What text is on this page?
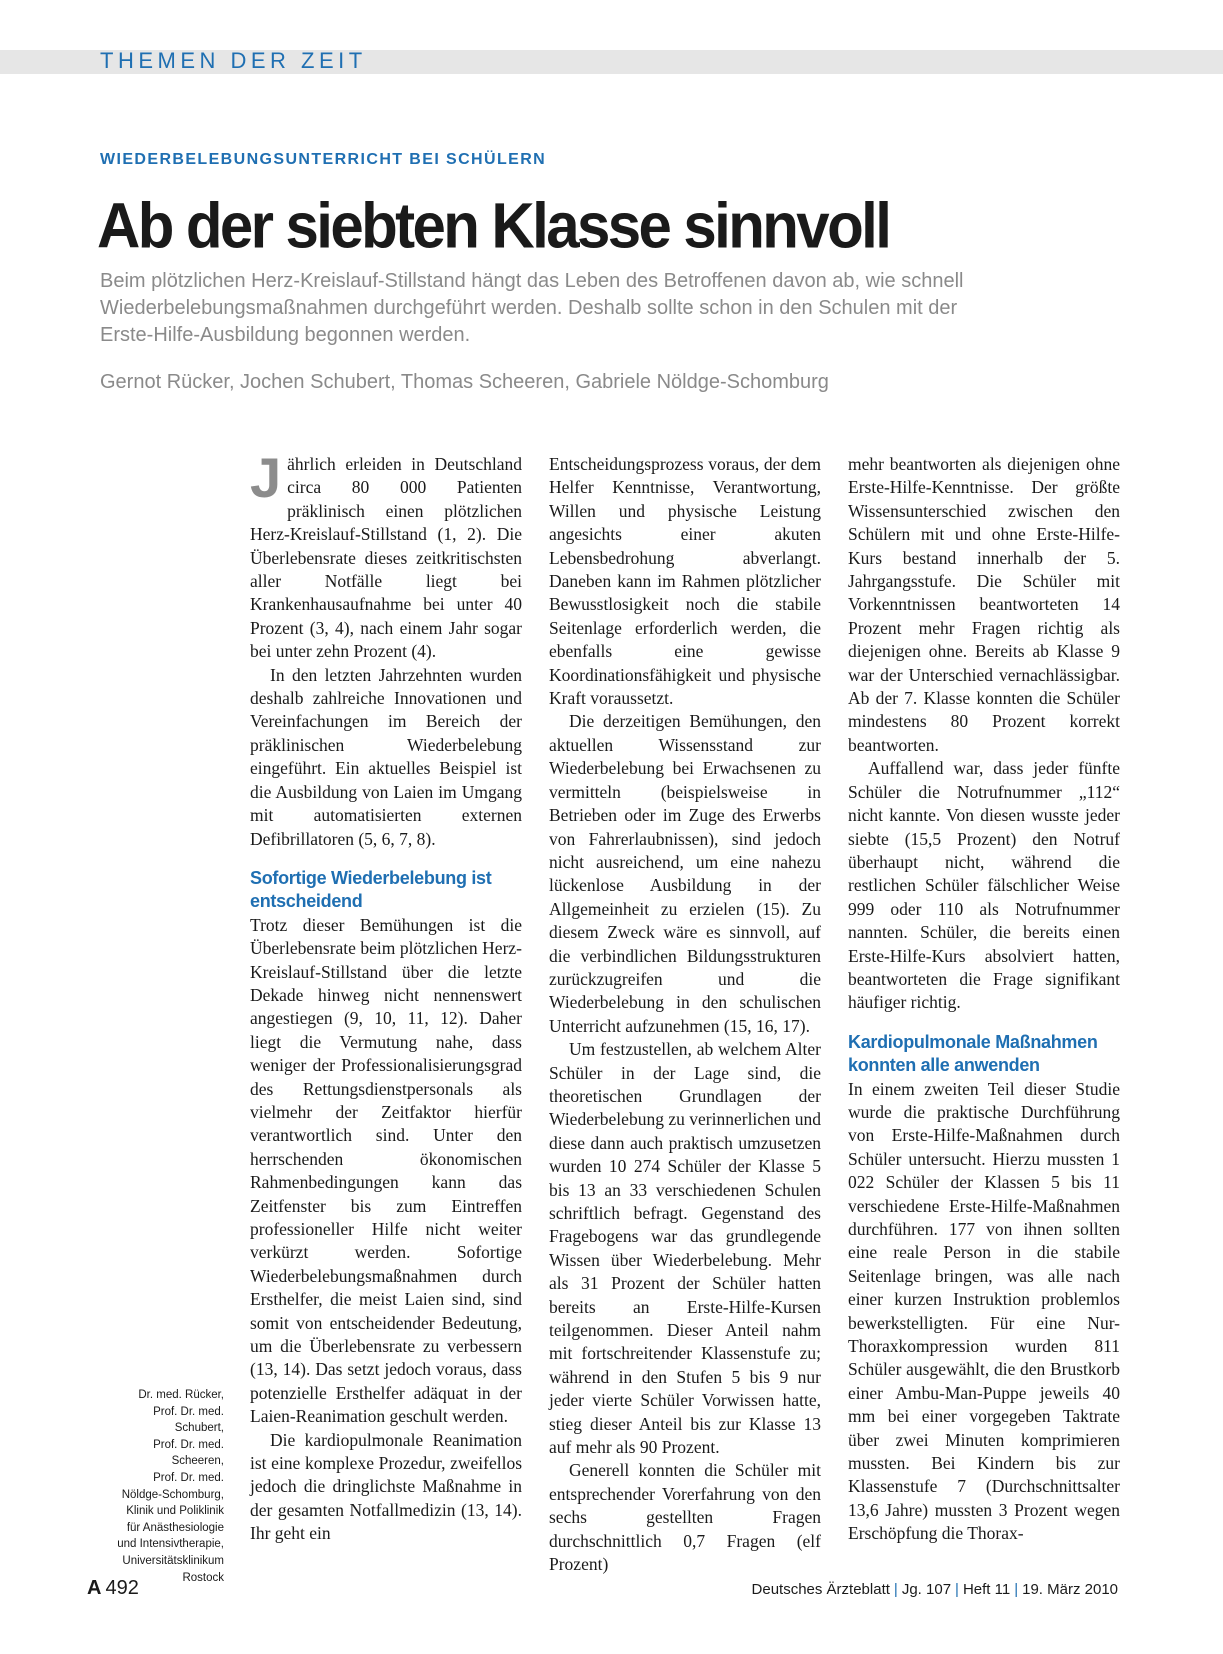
THEMEN DER ZEIT
WIEDERBELEBUNGSUNTERRICHT BEI SCHÜLERN
Ab der siebten Klasse sinnvoll
Beim plötzlichen Herz-Kreislauf-Stillstand hängt das Leben des Betroffenen davon ab, wie schnell Wiederbelebungsmaßnahmen durchgeführt werden. Deshalb sollte schon in den Schulen mit der Erste-Hilfe-Ausbildung begonnen werden.
Gernot Rücker, Jochen Schubert, Thomas Scheeren, Gabriele Nöldge-Schomburg

Jährlich erleiden in Deutschland circa 80 000 Patienten präklinisch einen plötzlichen Herz-Kreislauf-Stillstand (1, 2). Die Überlebensrate dieses zeitkritischsten aller Notfälle liegt bei Krankenhausaufnahme bei unter 40 Prozent (3, 4), nach einem Jahr sogar bei unter zehn Prozent (4).

In den letzten Jahrzehnten wurden deshalb zahlreiche Innovationen und Vereinfachungen im Bereich der präklinischen Wiederbelebung eingeführt. Ein aktuelles Beispiel ist die Ausbildung von Laien im Umgang mit automatisierten externen Defibrillatoren (5, 6, 7, 8).

Sofortige Wiederbelebung ist entscheidend

Trotz dieser Bemühungen ist die Überlebensrate beim plötzlichen Herz-Kreislauf-Stillstand über die letzte Dekade hinweg nicht nennenswert angestiegen (9, 10, 11, 12). Daher liegt die Vermutung nahe, dass weniger der Professionalisierungsgrad des Rettungsdienstpersonals als vielmehr der Zeitfaktor hierfür verantwortlich sind. Unter den herrschenden ökonomischen Rahmenbedingungen kann das Zeitfenster bis zum Eintreffen professioneller Hilfe nicht weiter verkürzt werden. Sofortige Wiederbelebungsmaßnahmen durch Ersthelfer, die meist Laien sind, sind somit von entscheidender Bedeutung, um die Überlebensrate zu verbessern (13, 14). Das setzt jedoch voraus, dass potenzielle Ersthelfer adäquat in der Laien-Reanimation geschult werden.

Die kardiopulmonale Reanimation ist eine komplexe Prozedur, zweifellos jedoch die dringlichste Maßnahme in der gesamten Notfallmedizin (13, 14). Ihr geht ein

Entscheidungsprozess voraus, der dem Helfer Kenntnisse, Verantwortung, Willen und physische Leistung angesichts einer akuten Lebensbedrohung abverlangt. Daneben kann im Rahmen plötzlicher Bewusstlosigkeit noch die stabile Seitenlage erforderlich werden, die ebenfalls eine gewisse Koordinationsfähigkeit und physische Kraft voraussetzt.

Die derzeitigen Bemühungen, den aktuellen Wissensstand zur Wiederbelebung bei Erwachsenen zu vermitteln (beispielsweise in Betrieben oder im Zuge des Erwerbs von Fahrerlaubnissen), sind jedoch nicht ausreichend, um eine nahezu lückenlose Ausbildung in der Allgemeinheit zu erzielen (15). Zu diesem Zweck wäre es sinnvoll, auf die verbindlichen Bildungsstrukturen zurückzugreifen und die Wiederbelebung in den schulischen Unterricht aufzunehmen (15, 16, 17).

Um festzustellen, ab welchem Alter Schüler in der Lage sind, die theoretischen Grundlagen der Wiederbelebung zu verinnerlichen und diese dann auch praktisch umzusetzen wurden 10 274 Schüler der Klasse 5 bis 13 an 33 verschiedenen Schulen schriftlich befragt. Gegenstand des Fragebogens war das grundlegende Wissen über Wiederbelebung. Mehr als 31 Prozent der Schüler hatten bereits an Erste-Hilfe-Kursen teilgenommen. Dieser Anteil nahm mit fortschreitender Klassenstufe zu; während in den Stufen 5 bis 9 nur jeder vierte Schüler Vorwissen hatte, stieg dieser Anteil bis zur Klasse 13 auf mehr als 90 Prozent.

Generell konnten die Schüler mit entsprechender Vorerfahrung von den sechs gestellten Fragen durchschnittlich 0,7 Fragen (elf Prozent)

mehr beantworten als diejenigen ohne Erste-Hilfe-Kenntnisse. Der größte Wissensunterschied zwischen den Schülern mit und ohne Erste-Hilfe-Kurs bestand innerhalb der 5. Jahrgangsstufe. Die Schüler mit Vorkenntnissen beantworteten 14 Prozent mehr Fragen richtig als diejenigen ohne. Bereits ab Klasse 9 war der Unterschied vernachlässigbar. Ab der 7. Klasse konnten die Schüler mindestens 80 Prozent korrekt beantworten.

Auffallend war, dass jeder fünfte Schüler die Notrufnummer „112“ nicht kannte. Von diesen wusste jeder siebte (15,5 Prozent) den Notruf überhaupt nicht, während die restlichen Schüler fälschlicher Weise 999 oder 110 als Notrufnummer nannten. Schüler, die bereits einen Erste-Hilfe-Kurs absolviert hatten, beantworteten die Frage signifikant häufiger richtig.

Kardiopulmonale Maßnahmen konnten alle anwenden

In einem zweiten Teil dieser Studie wurde die praktische Durchführung von Erste-Hilfe-Maßnahmen durch Schüler untersucht. Hierzu mussten 1 022 Schüler der Klassen 5 bis 11 verschiedene Erste-Hilfe-Maßnahmen durchführen. 177 von ihnen sollten eine reale Person in die stabile Seitenlage bringen, was alle nach einer kurzen Instruktion problemlos bewerkstelligten. Für eine Nur-Thoraxkompression wurden 811 Schüler ausgewählt, die den Brustkorb einer Ambu-Man-Puppe jeweils 40 mm bei einer vorgegeben Taktrate über zwei Minuten komprimieren mussten. Bei Kindern bis zur Klassenstufe 7 (Durchschnittsalter 13,6 Jahre) mussten 3 Prozent wegen Erschöpfung die Thorax-

Dr. med. Rücker,
Prof. Dr. med. Schubert,
Prof. Dr. med. Scheeren,
Prof. Dr. med.
Nöldge-Schomburg,
Klinik und Poliklinik
für Anästhesiologie
und Intensivtherapie,
Universitätsklinikum
Rostock
A 492	Deutsches Ärzteblatt | Jg. 107 | Heft 11 | 19. März 2010
